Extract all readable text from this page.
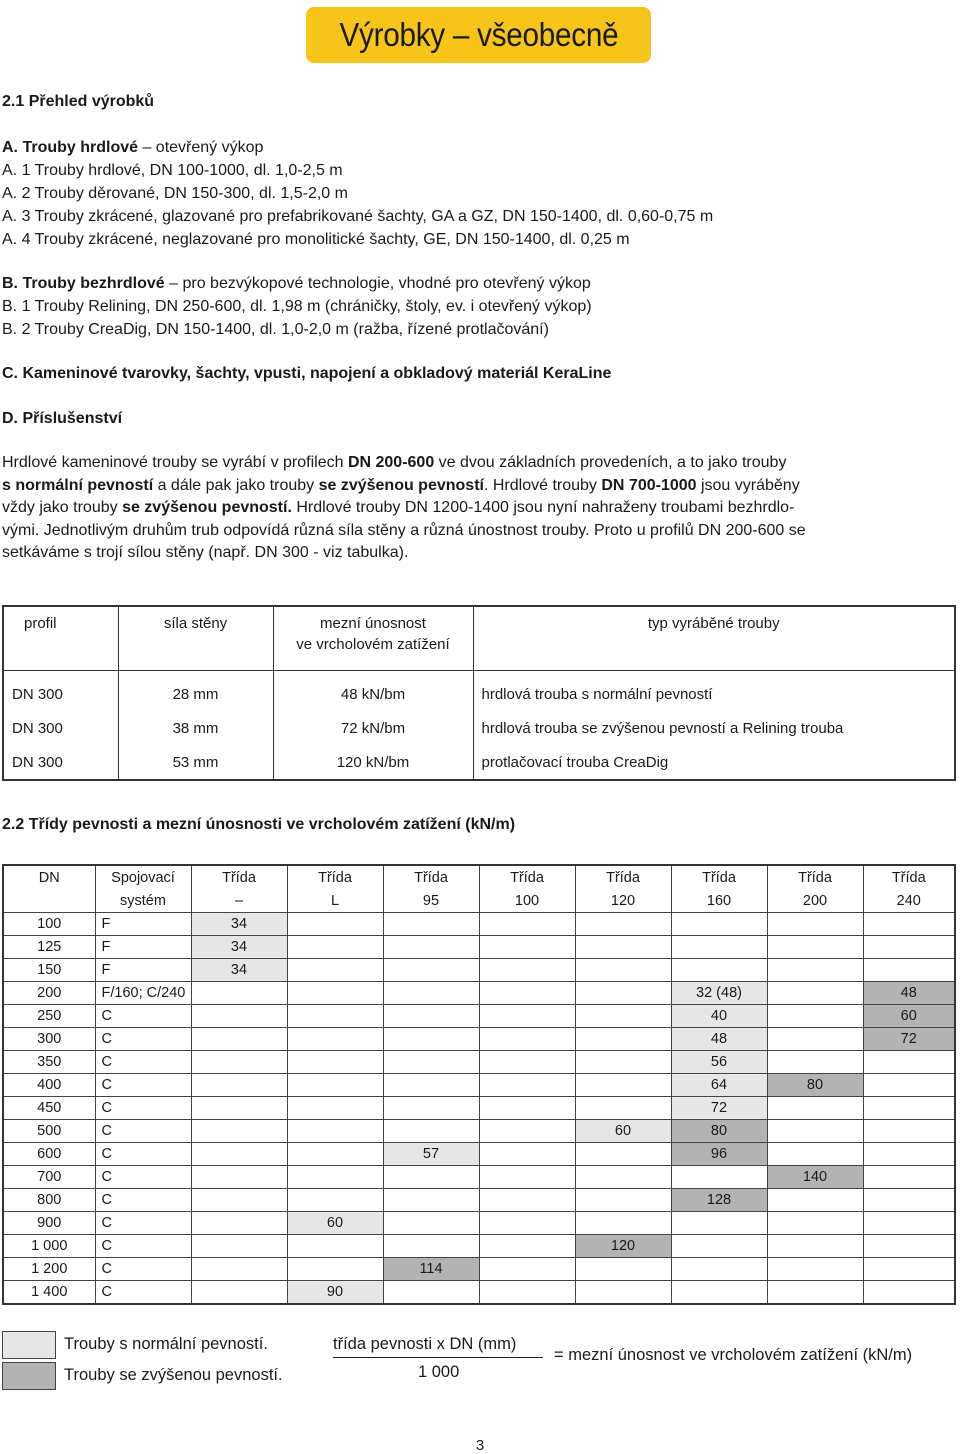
Výrobky – všeobecně
2.1 Přehled výrobků
A. Trouby hrdlové – otevřený výkop
A. 1 Trouby hrdlové, DN 100-1000, dl. 1,0-2,5 m
A. 2 Trouby děrované, DN 150-300, dl. 1,5-2,0 m
A. 3 Trouby zkrácené, glazované pro prefabrikované šachty, GA a GZ, DN 150-1400, dl. 0,60-0,75 m
A. 4 Trouby zkrácené, neglazované pro monolitické šachty, GE, DN 150-1400, dl. 0,25 m
B. Trouby bezhrdlové – pro bezvýkopové technologie, vhodné pro otevřený výkop
B. 1 Trouby Relining, DN 250-600, dl. 1,98 m (chráničky, štoly, ev. i otevřený výkop)
B. 2 Trouby CreaDig, DN 150-1400, dl. 1,0-2,0 m (ražba, řízené protlačování)
C. Kameninové tvarovky, šachty, vpusti, napojení a obkladový materiál KeraLine
D. Příslušenství

Hrdlové kameninové trouby se vyrábí v profilech DN 200-600 ve dvou základních provedeních, a to jako trouby

s normální pevností a dále pak jako trouby se zvýšenou pevností. Hrdlové trouby DN 700-1000 jsou vyráběny

vždy jako trouby se zvýšenou pevností. Hrdlové trouby DN 1200-1400 jsou nyní nahraženy troubami bezhrdlo-

vými. Jednotlivým druhům trub odpovídá různá síla stěny a různá únostnost trouby. Proto u profilů DN 200-600 se

setkáváme s trojí sílou stěny (např. DN 300 - viz tabulka).

profil	síla stěny	mezní únosnost
ve vrcholovém zatížení	typ vyráběné trouby
DN 300	28 mm	48 kN/bm	hrdlová trouba s normální pevností
DN 300	38 mm	72 kN/bm	hrdlová trouba se zvýšenou pevností a Relining trouba
DN 300	53 mm	120 kN/bm	protlačovací trouba CreaDig
2.2 Třídy pevnosti a mezní únosnosti ve vrcholovém zatížení (kN/m)
DN	Spojovací	Třída	Třída	Třída	Třída	Třída	Třída	Třída	Třída
	systém	–	L	95	100	120	160	200	240
100	F	34							
125	F	34							
150	F	34							
200	F/160; C/240						32 (48)		48
250	C						40		60
300	C						48		72
350	C						56		
400	C						64	80	
450	C						72		
500	C					60	80		
600	C			57			96		
700	C							140	
800	C						128		
900	C		60						
1 000	C					120			
1 200	C			114					
1 400	C		90						
Trouby s normální pevností.
Trouby se zvýšenou pevností.
třída pevnosti x DN (mm)
1 000
= mezní únosnost ve vrcholovém zatížení (kN/m)
3
